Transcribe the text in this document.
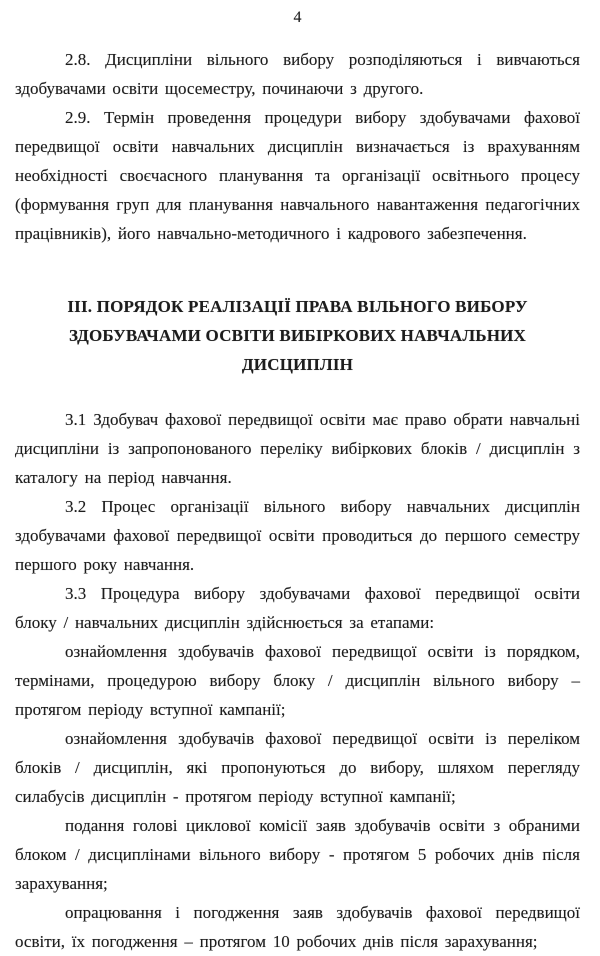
4

2.8. Дисципліни вільного вибору розподіляються і вивчаються здобувачами освіти щосеместру, починаючи з другого.

2.9. Термін проведення процедури вибору здобувачами фахової передвищої освіти навчальних дисциплін визначається із врахуванням необхідності своєчасного планування та організації освітнього процесу (формування груп для планування навчального навантаження педагогічних працівників), його навчально-методичного і кадрового забезпечення.

ІІІ. ПОРЯДОК РЕАЛІЗАЦІЇ ПРАВА ВІЛЬНОГО ВИБОРУ
ЗДОБУВАЧАМИ ОСВІТИ ВИБІРКОВИХ НАВЧАЛЬНИХ ДИСЦИПЛІН

3.1 Здобувач фахової передвищої освіти має право обрати навчальні дисципліни із запропонованого переліку вибіркових блоків / дисциплін з каталогу на період навчання.

3.2 Процес організації вільного вибору навчальних дисциплін здобувачами фахової передвищої освіти проводиться до першого семестру першого року навчання.

3.3 Процедура вибору здобувачами фахової передвищої освіти блоку / навчальних дисциплін здійснюється за етапами:

ознайомлення здобувачів фахової передвищої освіти із порядком, термінами, процедурою вибору блоку / дисциплін вільного вибору – протягом періоду вступної кампанії;

ознайомлення здобувачів фахової передвищої освіти із переліком блоків / дисциплін, які пропонуються до вибору, шляхом перегляду силабусів дисциплін - протягом періоду вступної кампанії;

подання голові циклової комісії заяв здобувачів освіти з обраними блоком / дисциплінами вільного вибору - протягом 5 робочих днів після зарахування;

опрацювання і погодження заяв здобувачів фахової передвищої освіти, їх погодження – протягом 10 робочих днів після зарахування;
